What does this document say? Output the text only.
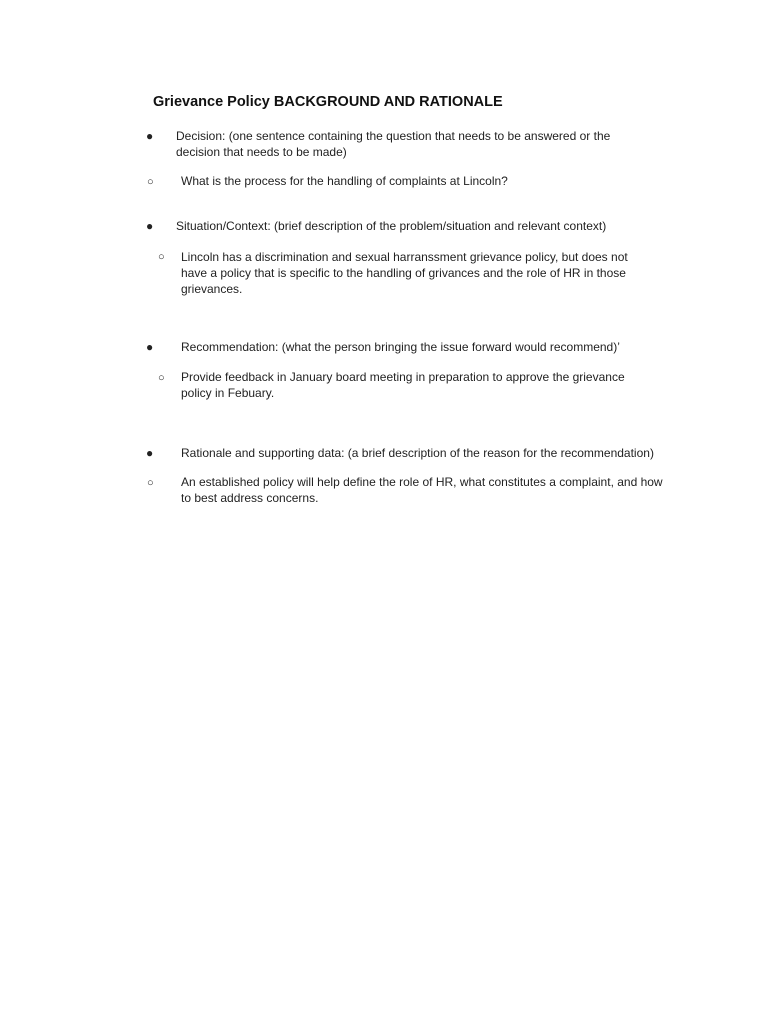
Grievance Policy BACKGROUND AND RATIONALE
● Decision: (one sentence containing the question that needs to be answered or the decision that needs to be made)
○ What is the process for the handling of complaints at Lincoln?
● Situation/Context: (brief description of the problem/situation and relevant context)
○ Lincoln has a discrimination and sexual harranssment grievance policy, but does not have a policy that is specific to the handling of grivances and the role of HR in those grievances.
● Recommendation: (what the person bringing the issue forward would recommend)’
○ Provide feedback in January board meeting in preparation to approve the grievance policy in Febuary.
● Rationale and supporting data: (a brief description of the reason for the recommendation)
○ An established policy will help define the role of HR, what constitutes a complaint, and how to best address concerns.
